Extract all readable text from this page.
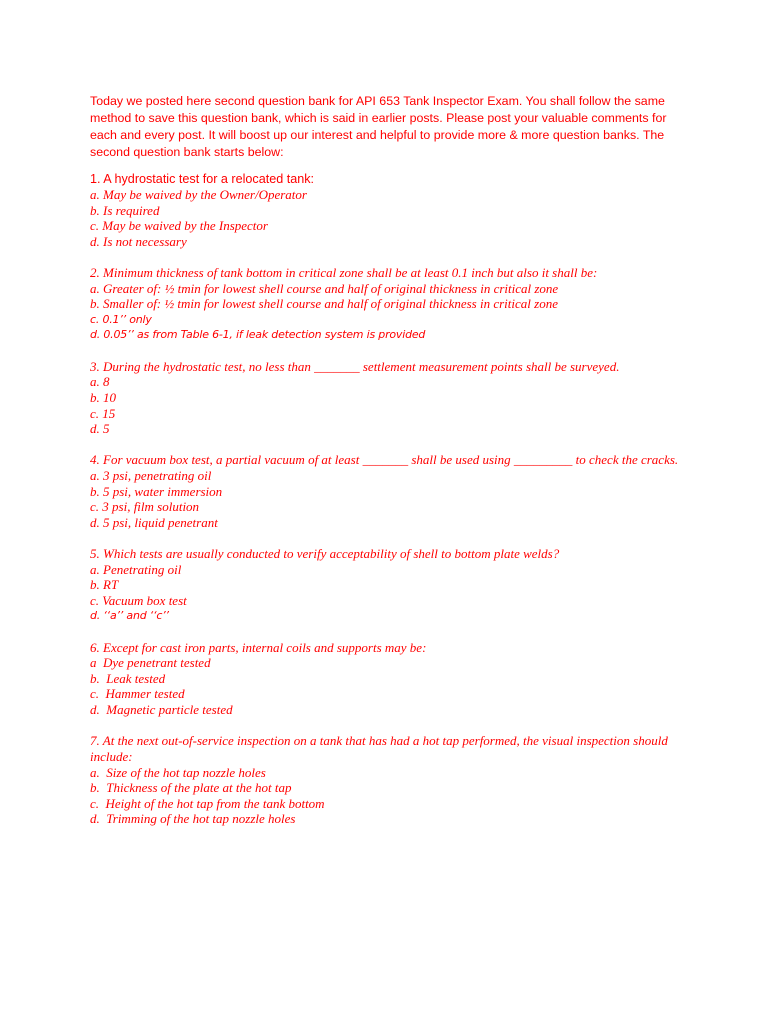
Today we posted here second question bank for API 653 Tank Inspector Exam. You shall follow the same method to save this question bank, which is said in earlier posts. Please post your valuable comments for each and every post. It will boost up our interest and helpful to provide more & more question banks. The second question bank starts below:

1. A hydrostatic test for a relocated tank:
a. May be waived by the Owner/Operator
b. Is required
c. May be waived by the Inspector
d. Is not necessary
2. Minimum thickness of tank bottom in critical zone shall be at least 0.1 inch but also it shall be:
a. Greater of: ½ tmin for lowest shell course and half of original thickness in critical zone
b. Smaller of: ½ tmin for lowest shell course and half of original thickness in critical zone
c. 0.1’’ only
d. 0.05’’ as from Table 6-1, if leak detection system is provided
3. During the hydrostatic test, no less than _______ settlement measurement points shall be surveyed.
a. 8
b. 10
c. 15
d. 5
4. For vacuum box test, a partial vacuum of at least _______ shall be used using _________ to check the cracks.
a. 3 psi, penetrating oil
b. 5 psi, water immersion
c. 3 psi, film solution
d. 5 psi, liquid penetrant
5. Which tests are usually conducted to verify acceptability of shell to bottom plate welds?
a. Penetrating oil
b. RT
c. Vacuum box test
d. ‘‘a’’ and ‘‘c’’
6. Except for cast iron parts, internal coils and supports may be:
a  Dye penetrant tested
b.  Leak tested
c.  Hammer tested
d.  Magnetic particle tested
7. At the next out-of-service inspection on a tank that has had a hot tap performed, the visual inspection should include:
a.  Size of the hot tap nozzle holes
b.  Thickness of the plate at the hot tap
c.  Height of the hot tap from the tank bottom
d.  Trimming of the hot tap nozzle holes
